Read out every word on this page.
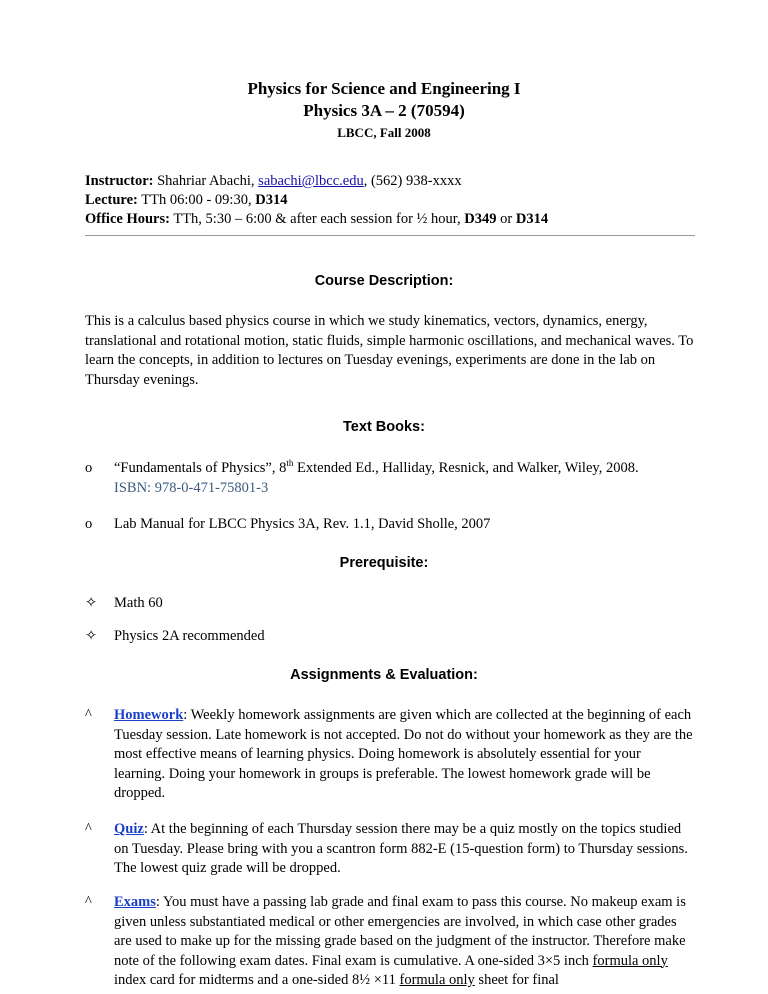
Physics for Science and Engineering I
Physics 3A – 2 (70594)
LBCC, Fall 2008
Instructor: Shahriar Abachi, sabachi@lbcc.edu, (562) 938-xxxx
Lecture: TTh 06:00 - 09:30, D314
Office Hours: TTh, 5:30 – 6:00 & after each session for ½ hour, D349 or D314
Course Description:
This is a calculus based physics course in which we study kinematics, vectors, dynamics, energy, translational and rotational motion, static fluids, simple harmonic oscillations, and mechanical waves. To learn the concepts, in addition to lectures on Tuesday evenings, experiments are done in the lab on Thursday evenings.
Text Books:
o	“Fundamentals of Physics”, 8th Extended Ed., Halliday, Resnick, and Walker, Wiley, 2008.
ISBN: 978-0-471-75801-3
o	Lab Manual for LBCC Physics 3A, Rev. 1.1, David Sholle, 2007
Prerequisite:
✧	Math 60
✧	Physics 2A recommended
Assignments & Evaluation:
^	Homework: Weekly homework assignments are given which are collected at the beginning of each Tuesday session. Late homework is not accepted. Do not do without your homework as they are the most effective means of learning physics. Doing homework is absolutely essential for your learning. Doing your homework in groups is preferable. The lowest homework grade will be dropped.
^	Quiz: At the beginning of each Thursday session there may be a quiz mostly on the topics studied on Tuesday. Please bring with you a scantron form 882-E (15-question form) to Thursday sessions. The lowest quiz grade will be dropped.
^	Exams: You must have a passing lab grade and final exam to pass this course. No makeup exam is given unless substantiated medical or other emergencies are involved, in which case other grades are used to make up for the missing grade based on the judgment of the instructor. Therefore make note of the following exam dates. Final exam is cumulative. A one-sided 3×5 inch formula only index card for midterms and a one-sided 8½ ×11 formula only sheet for final
